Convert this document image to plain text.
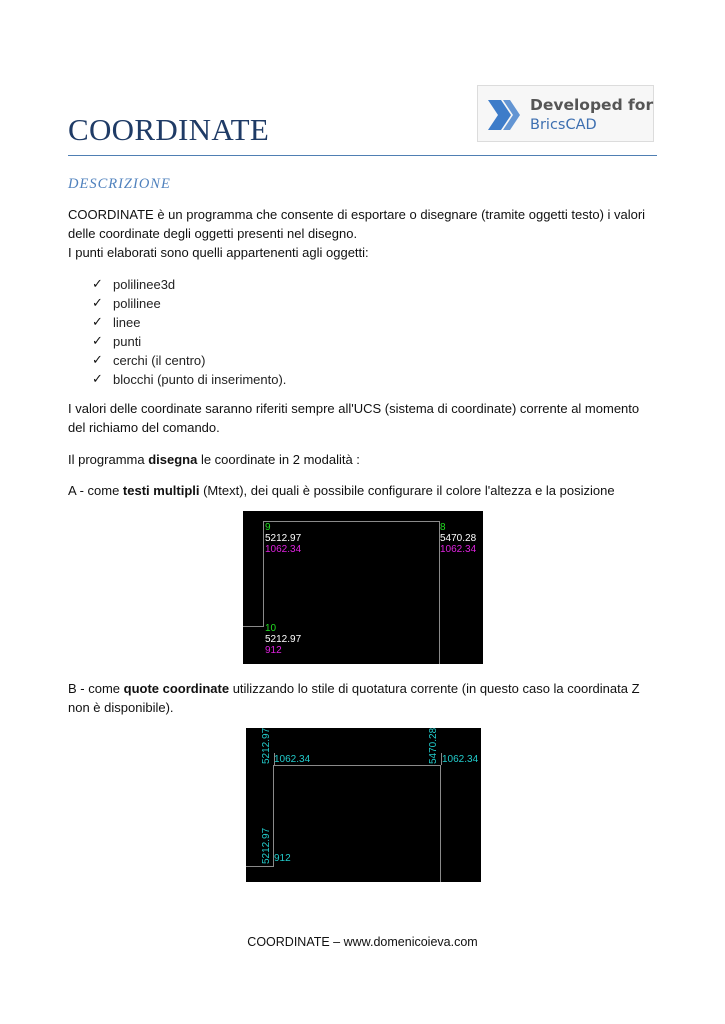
COORDINATE
Developed for
BricsCAD
DESCRIZIONE

COORDINATE è un programma che consente di esportare o disegnare (tramite oggetti testo) i valori delle coordinate degli oggetti presenti nel disegno.

I punti elaborati sono quelli appartenenti agli oggetti:

✓ polilinee3d
✓ polilinee
✓ linee
✓ punti
✓ cerchi (il centro)
✓ blocchi (punto di inserimento).

I valori delle coordinate saranno riferiti sempre all'UCS (sistema di coordinate) corrente al momento del richiamo del comando.

Il programma disegna le coordinate in 2 modalità :

A - come testi multipli (Mtext), dei quali è possibile configurare il colore l'altezza e la posizione

9
5212.97
1062.34
8
5470.28
1062.34
10
5212.97
912

B - come quote coordinate utilizzando lo stile di quotatura corrente (in questo caso la coordinata Z non è disponibile).

5212.97 1062.34	5470.28 1062.34
5212.97 912
COORDINATE – www.domenicoieva.com
